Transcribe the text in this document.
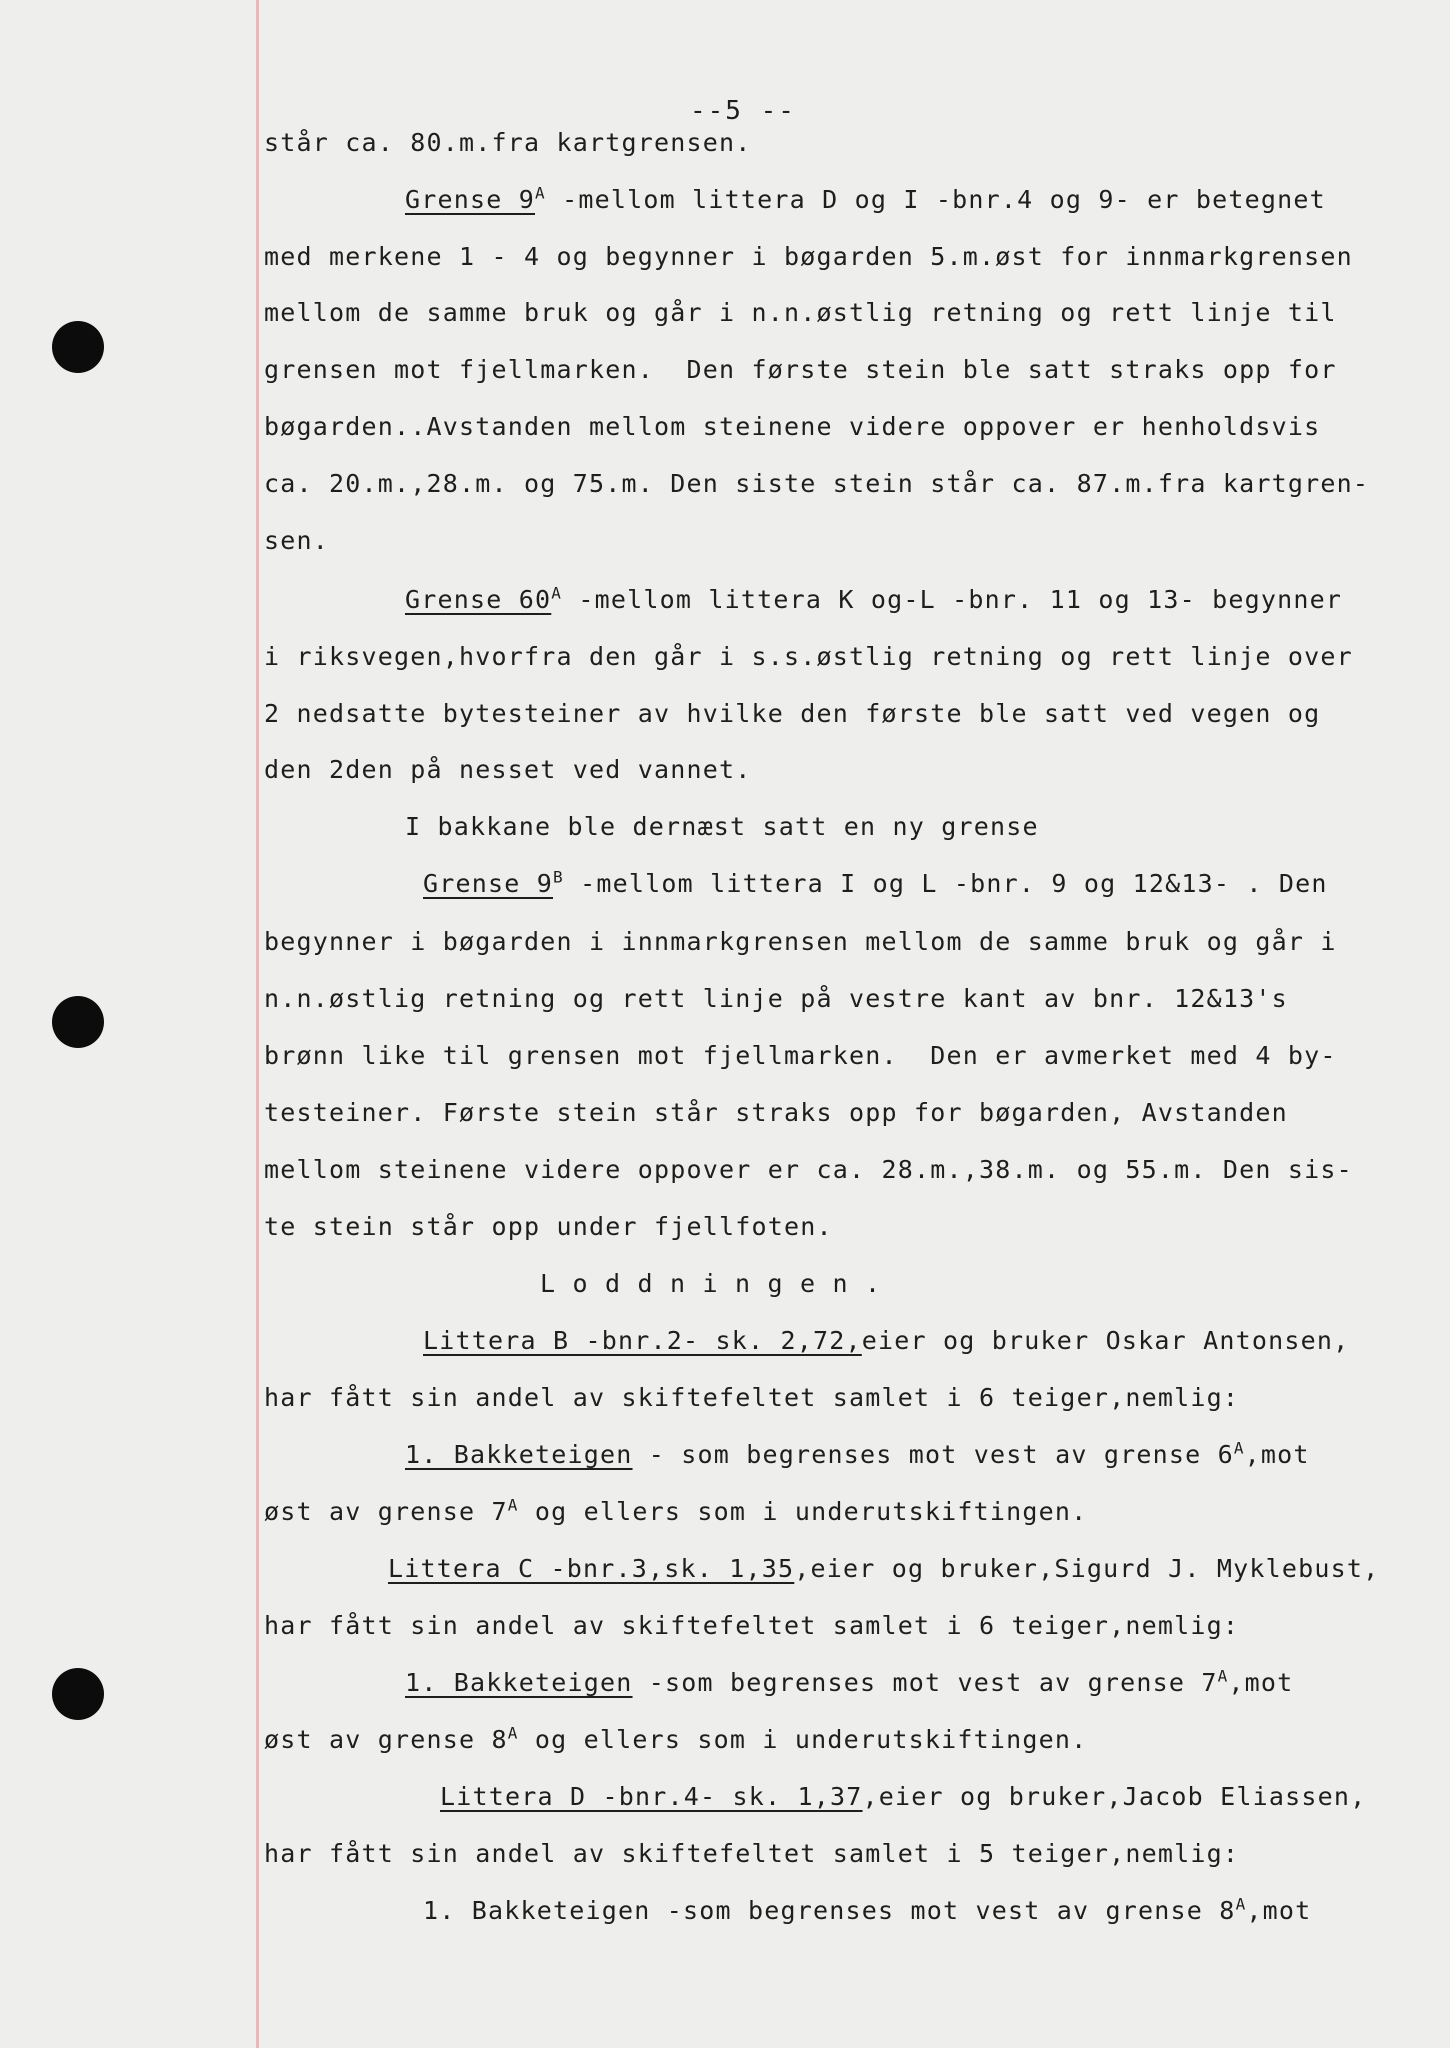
--5 --
står ca. 80.m.fra kartgrensen.
Grense $9^A$ -mellom littera D og I -bnr.4 og 9- er betegnet
med merkene 1 - 4 og begynner i bøgarden 5.m.øst for innmarkgrensen
mellom de samme bruk og går i n.n.østlig retning og rett linje til
grensen mot fjellmarken.  Den første stein ble satt straks opp for
bøgarden..Avstanden mellom steinene videre oppover er henholdsvis
ca. 20.m.,28.m. og 75.m. Den siste stein står ca. 87.m.fra kartgren-
sen.
Grense $60^A$ -mellom littera K og-L -bnr. 11 og 13- begynner
i riksvegen,hvorfra den går i s.s.østlig retning og rett linje over
2 nedsatte bytesteiner av hvilke den første ble satt ved vegen og
den 2den på nesset ved vannet.
I bakkane ble dernæst satt en ny grense
Grense $9^B$ -mellom littera I og L -bnr. 9 og 12&13- . Den
begynner i bøgarden i innmarkgrensen mellom de samme bruk og går i
n.n.østlig retning og rett linje på vestre kant av bnr. 12&13's
brønn like til grensen mot fjellmarken.  Den er avmerket med 4 by-
testeiner. Første stein står straks opp for bøgarden, Avstanden
mellom steinene videre oppover er ca. 28.m.,38.m. og 55.m. Den sis-
te stein står opp under fjellfoten.
L o d d n i n g e n .
Littera B -bnr.2- sk. 2,72,eier og bruker Oskar Antonsen,
har fått sin andel av skiftefeltet samlet i 6 teiger,nemlig:
1. Bakketeigen - som begrenses mot vest av grense $6^A,mot$
øst av grense $7^A$ og ellers som i underutskiftingen.
Littera C -bnr.3,sk. 1,35,eier og bruker,Sigurd J. Myklebust,
har fått sin andel av skiftefeltet samlet i 6 teiger,nemlig:
1. Bakketeigen -som begrenses mot vest av grense $7^A,mot$
øst av grense $8^A$ og ellers som i underutskiftingen.
Littera D -bnr.4- sk. 1,37,eier og bruker,Jacob Eliassen,
har fått sin andel av skiftefeltet samlet i 5 teiger,nemlig:
1. Bakketeigen -som begrenses mot vest av grense $8^A,mot$
